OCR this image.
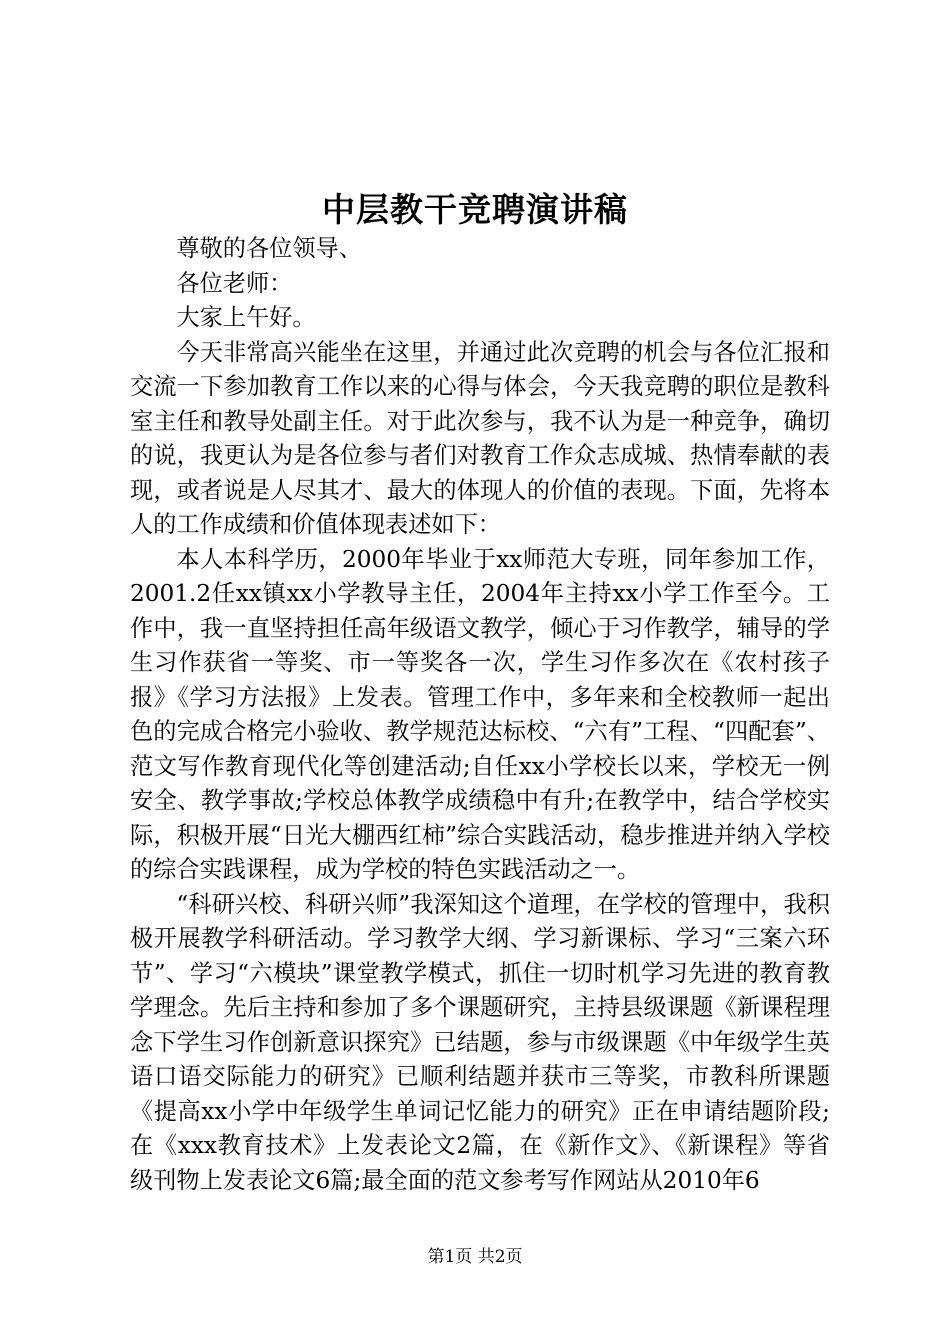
中层教干竞聘演讲稿

尊敬的各位领导、

各位老师：

大家上午好。

今天非常高兴能坐在这里，并通过此次竞聘的机会与各位汇报和交流一下参加教育工作以来的心得与体会，今天我竞聘的职位是教科室主任和教导处副主任。对于此次参与，我不认为是一种竞争，确切的说，我更认为是各位参与者们对教育工作众志成城、热情奉献的表现，或者说是人尽其才、最大的体现人的价值的表现。下面，先将本人的工作成绩和价值体现表述如下：

本人本科学历，2000年毕业于xx师范大专班，同年参加工作，2001.2任xx镇xx小学教导主任，2004年主持xx小学工作至今。工作中，我一直坚持担任高年级语文教学，倾心于习作教学，辅导的学生习作获省一等奖、市一等奖各一次，学生习作多次在《农村孩子报》《学习方法报》上发表。管理工作中，多年来和全校教师一起出色的完成合格完小验收、教学规范达标校、“六有”工程、“四配套”、范文写作教育现代化等创建活动;自任xx小学校长以来，学校无一例安全、教学事故;学校总体教学成绩稳中有升;在教学中，结合学校实际，积极开展“日光大棚西红柿”综合实践活动，稳步推进并纳入学校的综合实践课程，成为学校的特色实践活动之一。

“科研兴校、科研兴师”我深知这个道理，在学校的管理中，我积极开展教学科研活动。学习教学大纲、学习新课标、学习“三案六环节”、学习“六模块”课堂教学模式，抓住一切时机学习先进的教育教学理念。先后主持和参加了多个课题研究，主持县级课题《新课程理念下学生习作创新意识探究》已结题，参与市级课题《中年级学生英语口语交际能力的研究》已顺利结题并获市三等奖，市教科所课题《提高xx小学中年级学生单词记忆能力的研究》正在申请结题阶段;在《xxx教育技术》上发表论文2篇，在《新作文》、《新课程》等省级刊物上发表论文6篇;最全面的范文参考写作网站从2010年6

第1页 共2页
